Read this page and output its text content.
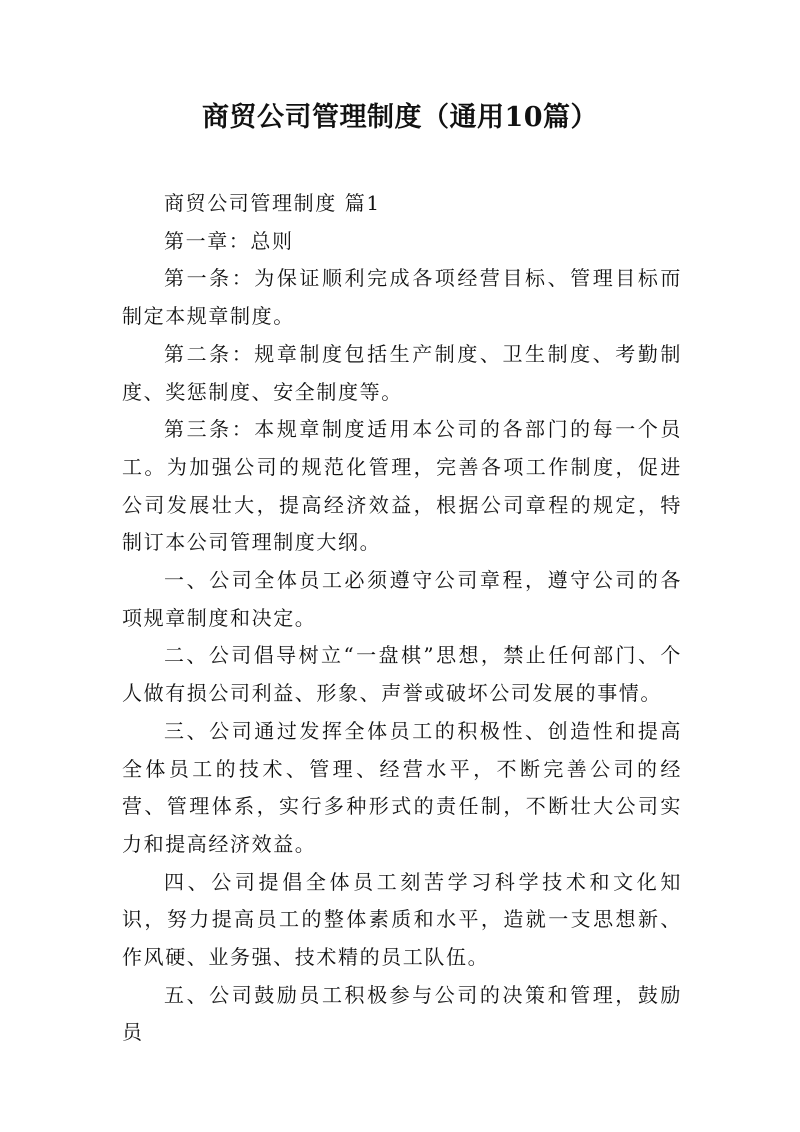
商贸公司管理制度（通用10篇）

商贸公司管理制度 篇1

第一章：总则

第一条：为保证顺利完成各项经营目标、管理目标而制定本规章制度。

第二条：规章制度包括生产制度、卫生制度、考勤制度、奖惩制度、安全制度等。

第三条：本规章制度适用本公司的各部门的每一个员工。为加强公司的规范化管理，完善各项工作制度，促进公司发展壮大，提高经济效益，根据公司章程的规定，特制订本公司管理制度大纲。

一、公司全体员工必须遵守公司章程，遵守公司的各项规章制度和决定。

二、公司倡导树立“一盘棋”思想，禁止任何部门、个人做有损公司利益、形象、声誉或破坏公司发展的事情。

三、公司通过发挥全体员工的积极性、创造性和提高全体员工的技术、管理、经营水平，不断完善公司的经营、管理体系，实行多种形式的责任制，不断壮大公司实力和提高经济效益。

四、公司提倡全体员工刻苦学习科学技术和文化知识，努力提高员工的整体素质和水平，造就一支思想新、作风硬、业务强、技术精的员工队伍。

五、公司鼓励员工积极参与公司的决策和管理，鼓励员
